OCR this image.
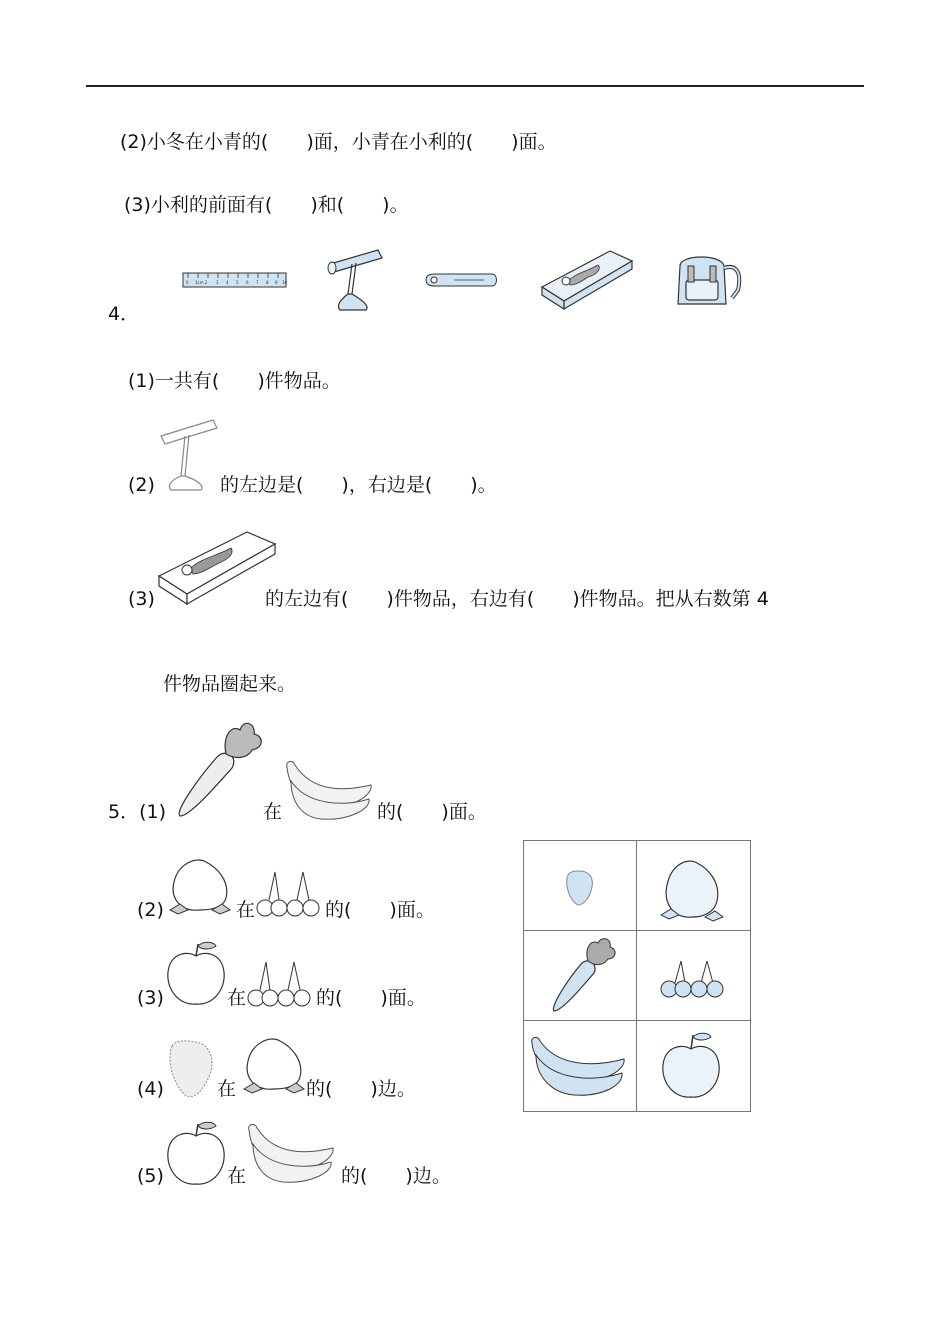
(2)小冬在小青的(　　)面，小青在小利的(　　)面。
(3)小利的前面有(　　)和(　　)。
4．
0 1cm 2 3 4 5 6 7 8 9 10
(1)一共有(　　)件物品。
(2)	的左边是(　　)，右边是(　　)。
(3)	的左边有(　　)件物品，右边有(　　)件物品。把从右数第 4
件物品圈起来。
5．(1)	在	的(　　)面。
(2)	在	的(　　)面。
(3)	在	的(　　)面。
(4)	在	的(　　)边。
(5)	在	的(　　)边。
